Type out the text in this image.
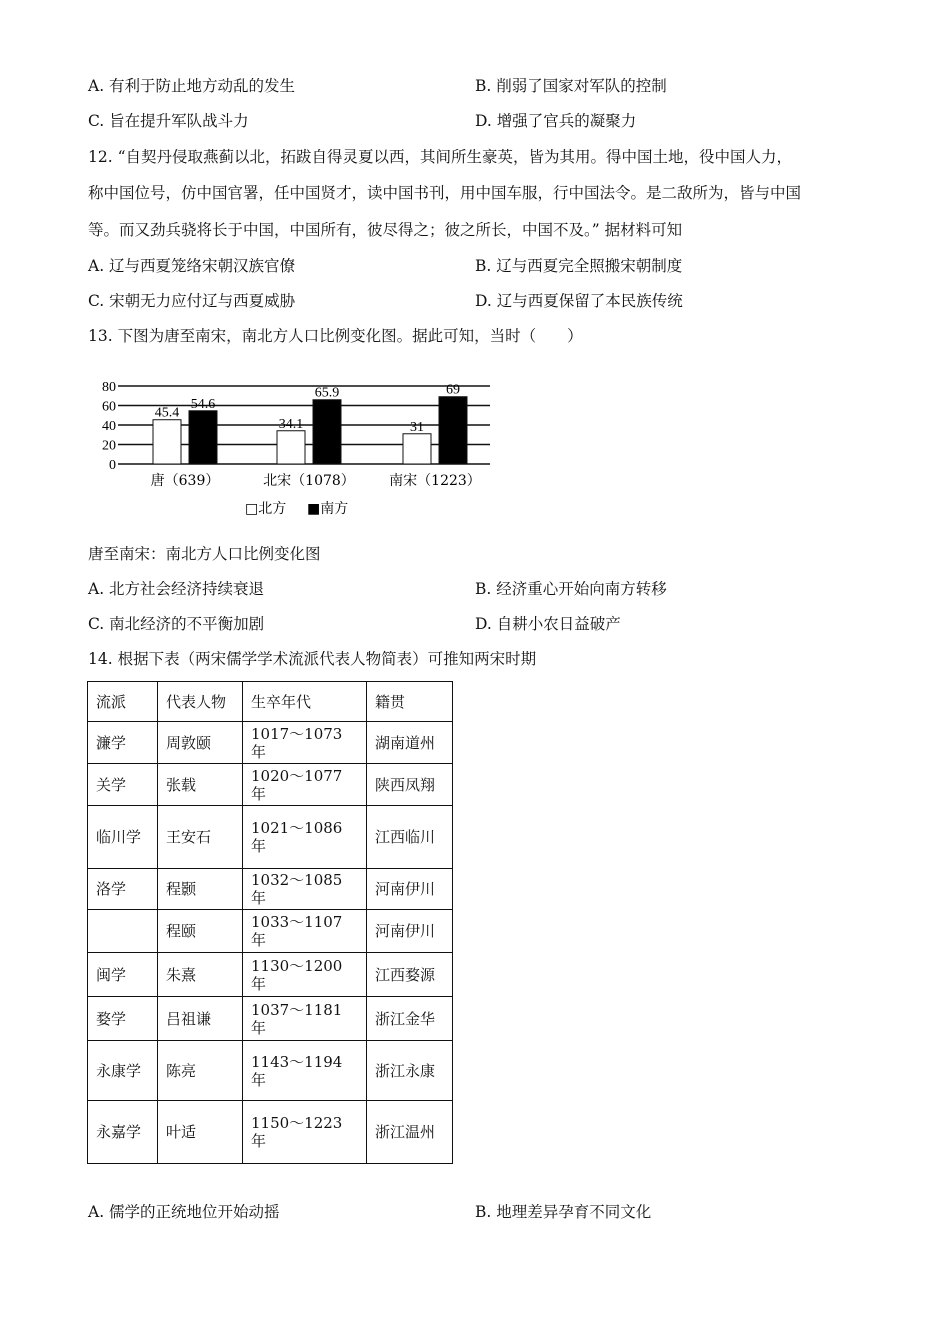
A. 有利于防止地方动乱的发生	B. 削弱了国家对军队的控制
C. 旨在提升军队战斗力	D. 增强了官兵的凝聚力
12. “自契丹侵取燕蓟以北，拓跋自得灵夏以西，其间所生豪英，皆为其用。得中国土地，役中国人力，
称中国位号，仿中国官署，任中国贤才，读中国书刊，用中国车服，行中国法令。是二敌所为，皆与中国
等。而又劲兵骁将长于中国，中国所有，彼尽得之；彼之所长，中国不及。” 据材料可知
A. 辽与西夏笼络宋朝汉族官僚	B. 辽与西夏完全照搬宋朝制度
C. 宋朝无力应付辽与西夏威胁	D. 辽与西夏保留了本民族传统
13. 下图为唐至南宋，南北方人口比例变化图。据此可知，当时（　　）
0
20
40
60
80
45.4
54.6
唐（639）
34.1
65.9
北宋（1078）
31
69
南宋（1223）
□北方 ■南方
唐至南宋：南北方人口比例变化图
A. 北方社会经济持续衰退	B. 经济重心开始向南方转移
C. 南北经济的不平衡加剧	D. 自耕小农日益破产
14. 根据下表（两宋儒学学术流派代表人物简表）可推知两宋时期
流派	代表人物	生卒年代	籍贯
濂学	周敦颐	1017～1073 年	湖南道州
关学	张载	1020～1077 年	陕西凤翔
临川学	王安石	1021～1086 年	江西临川
洛学	程颢	1032～1085 年	河南伊川
	程颐	1033～1107 年	河南伊川
闽学	朱熹	1130～1200 年	江西婺源
婺学	吕祖谦	1037～1181 年	浙江金华
永康学	陈亮	1143～1194 年	浙江永康
永嘉学	叶适	1150～1223 年	浙江温州
A. 儒学的正统地位开始动摇	B. 地理差异孕育不同文化
